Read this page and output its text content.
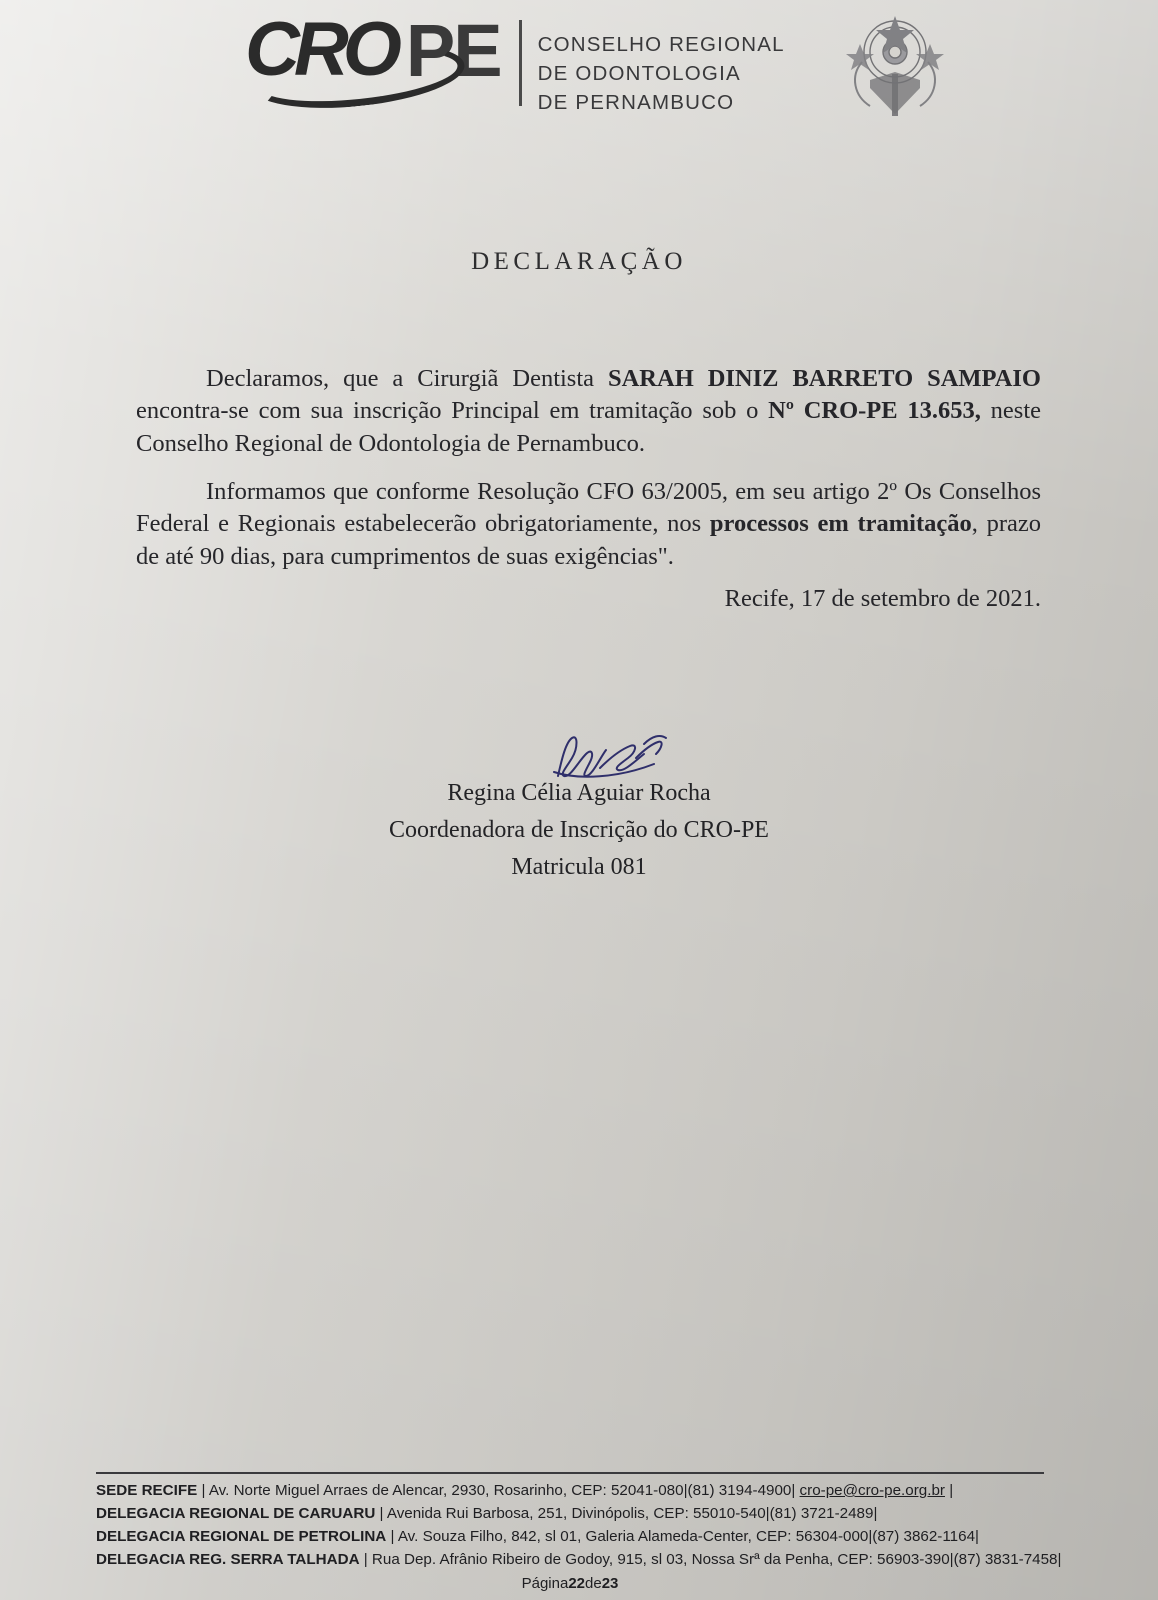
CRO PE CONSELHO REGIONAL
DE ODONTOLOGIA
DE PERNAMBUCO
DECLARAÇÃO

Declaramos, que a Cirurgiã Dentista SARAH DINIZ BARRETO SAMPAIO encontra-se com sua inscrição Principal em tramitação sob o Nº CRO-PE 13.653, neste Conselho Regional de Odontologia de Pernambuco.

Informamos que conforme Resolução CFO 63/2005, em seu artigo 2º Os Conselhos Federal e Regionais estabelecerão obrigatoriamente, nos processos em tramitação, prazo de até 90 dias, para cumprimentos de suas exigências".

Recife, 17 de setembro de 2021.
Regina Célia Aguiar Rocha
Coordenadora de Inscrição do CRO-PE
Matricula 081
SEDE RECIFE | Av. Norte Miguel Arraes de Alencar, 2930, Rosarinho, CEP: 52041-080|(81) 3194-4900| cro-pe@cro-pe.org.br |
DELEGACIA REGIONAL DE CARUARU | Avenida Rui Barbosa, 251, Divinópolis, CEP: 55010-540|(81) 3721-2489|
DELEGACIA REGIONAL DE PETROLINA | Av. Souza Filho, 842, sl 01, Galeria Alameda-Center, CEP: 56304-000|(87) 3862-1164|
DELEGACIA REG. SERRA TALHADA | Rua Dep. Afrânio Ribeiro de Godoy, 915, sl 03, Nossa Srª da Penha, CEP: 56903-390|(87) 3831-7458|
Página22de23
